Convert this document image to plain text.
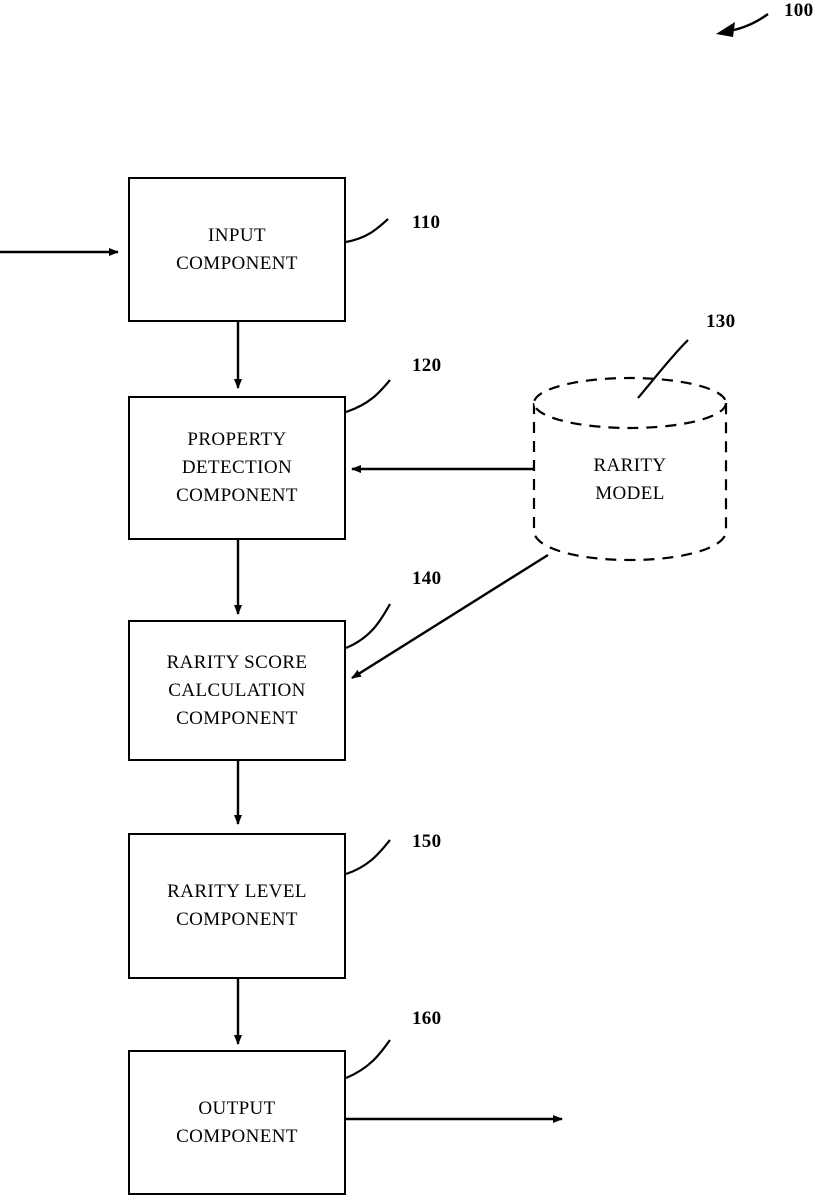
100
INPUT
COMPONENT
110
PROPERTY
DETECTION
COMPONENT
120
RARITY
MODEL
130
RARITY SCORE
CALCULATION
COMPONENT
140
RARITY LEVEL
COMPONENT
150
OUTPUT
COMPONENT
160
